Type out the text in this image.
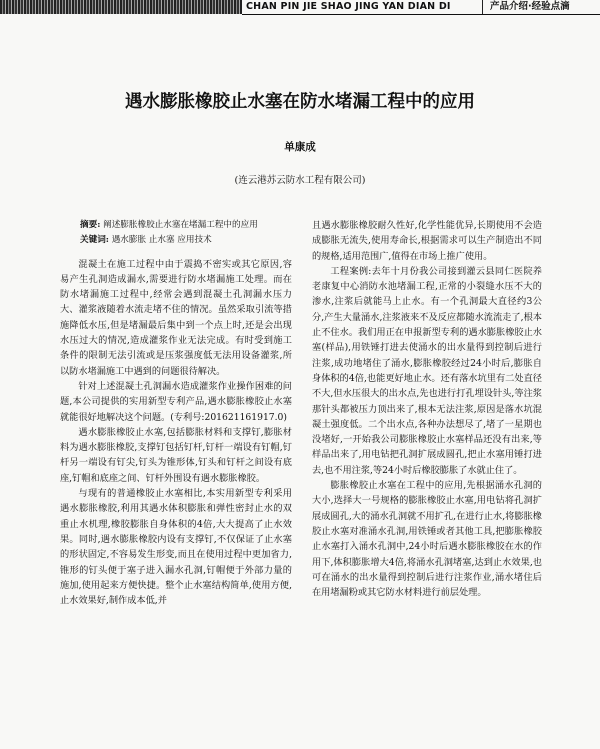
CHAN PIN JIE SHAO JING YAN DIAN DI	产品介绍·经验点滴
遇水膨胀橡胶止水塞在防水堵漏工程中的应用
单康成
(连云港苏云防水工程有限公司)
摘要: 阐述膨胀橡胶止水塞在堵漏工程中的应用
关键词: 遇水膨胀 止水塞 应用技术

混凝土在施工过程中由于震捣不密实或其它原因,容易产生孔洞造成漏水,需要进行防水堵漏施工处理。而在防水堵漏施工过程中,经常会遇到混凝土孔洞漏水压力大、灌浆液随着水流走堵不住的情况。虽然采取引流等措施降低水压,但是堵漏最后集中到一个点上时,还是会出现水压过大的情况,造成灌浆作业无法完成。有时受到施工条件的限制无法引流或是压浆强度低无法用设备灌浆,所以防水堵漏施工中遇到的问题很待解决。

针对上述混凝土孔洞漏水造成灌浆作业操作困难的问题,本公司提供的实用新型专利产品,遇水膨胀橡胶止水塞就能很好地解决这个问题。(专利号:201621161917.0)

遇水膨胀橡胶止水塞,包括膨胀材料和支撑钉,膨胀材料为遇水膨胀橡胶,支撑钉包括钉杆,钉杆一端设有钉帽,钉杆另一端设有钉尖,钉头为锥形体,钉头和钉杆之间设有底座,钉帽和底座之间、钉杆外围设有遇水膨胀橡胶。

与现有的普通橡胶止水塞相比,本实用新型专利采用遇水膨胀橡胶,利用其遇水体积膨胀和弹性密封止水的双重止水机理,橡胶膨胀自身体积的4倍,大大提高了止水效果。同时,遇水膨胀橡胶内设有支撑钉,不仅保证了止水塞的形状固定,不容易发生形变,而且在使用过程中更加省力,锥形的钉头便于塞子进入漏水孔洞,钉帽便于外部力量的施加,使用起来方便快捷。整个止水塞结构简单,使用方便,止水效果好,制作成本低,并

且遇水膨胀橡胶耐久性好,化学性能优异,长期使用不会造成膨胀无流失,使用寿命长,根据需求可以生产制造出不同的规格,适用范围广,值得在市场上推广使用。

工程案例:去年十月份我公司接到灌云县同仁医院养老康复中心消防水池堵漏工程,正常的小裂缝水压不大的渗水,注浆后就能马上止水。有一个孔洞最大直径约3公分,产生大量涌水,注浆液来不及反应都随水流流走了,根本止不住水。我们用正在申报新型专利的遇水膨胀橡胶止水塞(样品),用铁锤打进去使涌水的出水量得到控制后进行注浆,成功地堵住了涌水,膨胀橡胶经过24小时后,膨胀自身体积的4倍,也能更好地止水。还有落水坑里有二处直径不大,但水压很大的出水点,先也进行打孔埋设针头,等注浆那针头都被压力顶出来了,根本无法注浆,原因是落水坑混凝土强度低。二个出水点,各种办法想尽了,堵了一星期也没堵好,一开始我公司膨胀橡胶止水塞样品还没有出来,等样品出来了,用电钻把孔洞扩展成圆孔,把止水塞用锤打进去,也不用注浆,等24小时后橡胶膨胀了水就止住了。

膨胀橡胶止水塞在工程中的应用,先根据涌水孔洞的大小,选择大一号规格的膨胀橡胶止水塞,用电钻将孔洞扩展成圆孔,大的涌水孔洞就不用扩孔,在进行止水,将膨胀橡胶止水塞对准涌水孔洞,用铁锤或者其他工具,把膨胀橡胶止水塞打入涌水孔洞中,24小时后遇水膨胀橡胶在水的作用下,体积膨胀增大4倍,将涌水孔洞堵塞,达到止水效果,也可在涌水的出水量得到控制后进行注浆作业,涌水堵住后在用堵漏粉或其它防水材料进行前层处理。
